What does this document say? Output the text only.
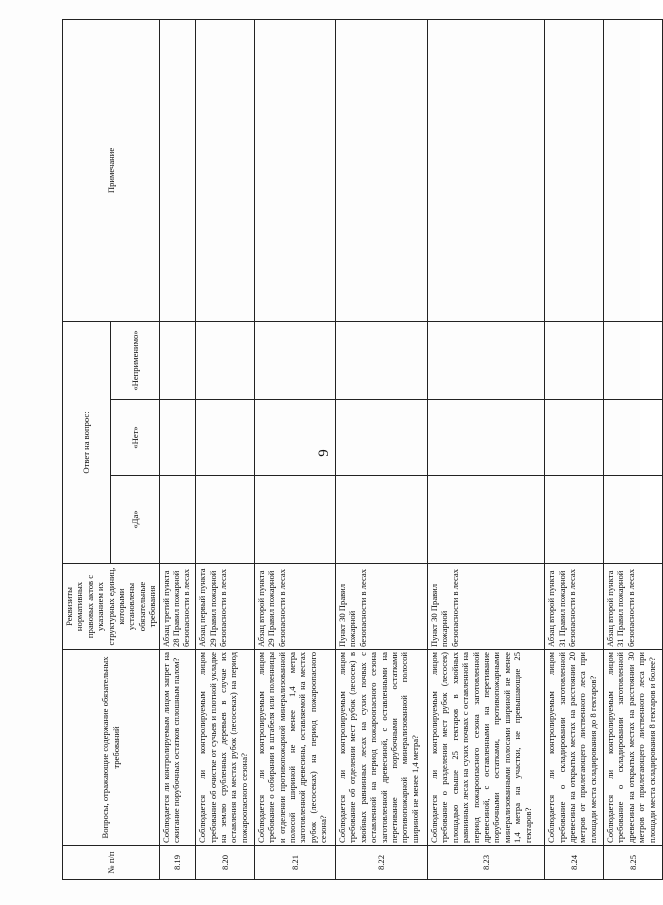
9
№ п/п	Вопросы, отражающие содержание обязательных требований	Реквизиты нормативных правовых актов с указанием их структурных единиц, которыми установлены обязательные требования	Ответ на вопрос:			Примечание
			«Да»	«Нет»	«Неприменимо»	
8.19	Соблюдается ли контролируемым лицом запрет на сжигание порубочных остатков сплошным палом?	Абзац третий пункта 28 Правил пожарной безопасности в лесах				
8.20	Соблюдается ли контролируемым лицом требование об очистке от сучьев и плотной укладке на землю срубленных деревьев в случае их оставления на местах рубок (лесосеках) на период пожароопасного сезона?	Абзац первый пункта 29 Правил пожарной безопасности в лесах				
8.21	Соблюдается ли контролируемым лицом требование о собирании в штабеля или поленницы и отделении противопожарной минерализованной полосой шириной не менее 1,4 метра заготовленной древесины, оставляемой на местах рубок (лесосеках) на период пожароопасного сезона?	Абзац второй пункта 29 Правил пожарной безопасности в лесах				
8.22	Соблюдается ли контролируемым лицом требование об отделении мест рубок (лесосек) в хвойных равнинных лесах на сухих почвах с оставленной на период пожароопасного сезона заготовленной древесиной, с оставленными на перетивание порубочными остатками противопожарной минерализованной полосой шириной не менее 1,4 метра?	Пункт 30 Правил пожарной безопасности в лесах				
8.23	Соблюдается ли контролируемым лицом требование о разделении мест рубок (лесосек) площадью свыше 25 гектаров в хвойных равнинных лесах на сухих почвах с оставленной на период пожароопасного сезона заготовленной древесиной, с оставленными на перетивание порубочными остатками, противопожарными минерализованными полосами шириной не менее 1,4 метра на участки, не превышающие 25 гектаров?	Пункт 30 Правил пожарной безопасности в лесах				
8.24	Соблюдается ли контролируемым лицом требование о складировании заготовленной древесины на открытых местах на расстоянии 20 метров от прилегающего лиственного леса при площади места складирования до 8 гектаров?	Абзац второй пункта 31 Правил пожарной безопасности в лесах				
8.25	Соблюдается ли контролируемым лицом требование о складировании заготовленной древесины на открытых местах на расстоянии 30 метров от прилегающего лиственного леса при площади места складирования 8 гектаров и более?	Абзац второй пункта 31 Правил пожарной безопасности в лесах				
